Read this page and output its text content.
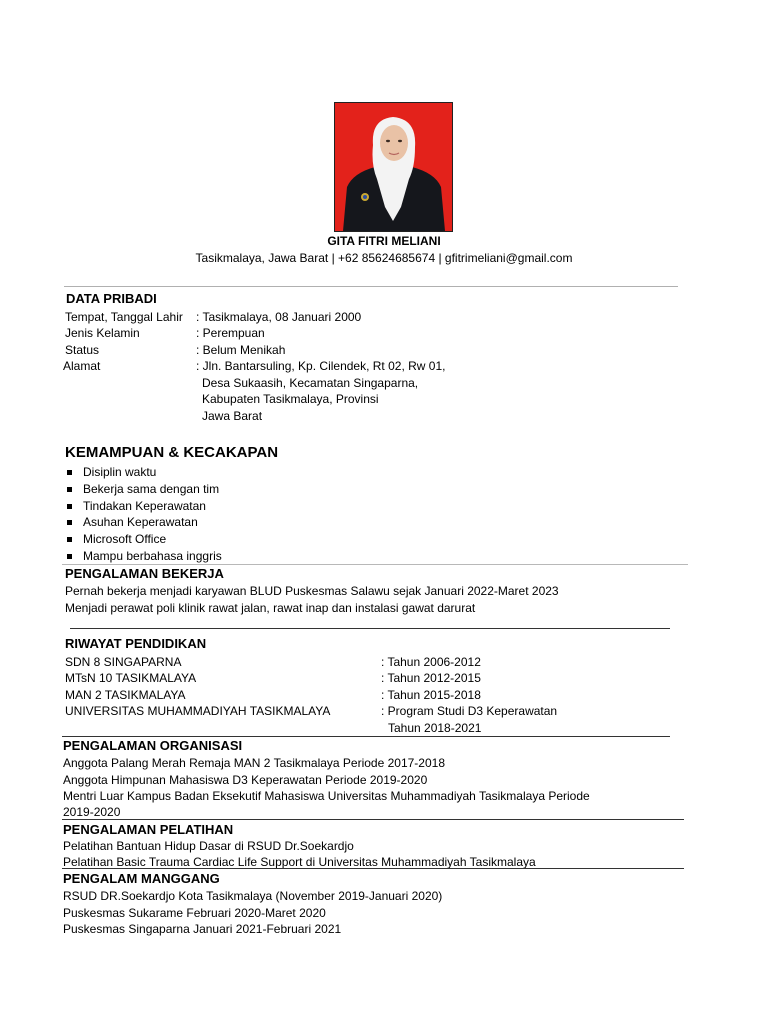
GITA FITRI MELIANI
Tasikmalaya, Jawa Barat | +62 85624685674 | gfitrimeliani@gmail.com
DATA PRIBADI
Tempat, Tanggal Lahir : Tasikmalaya, 08 Januari 2000
Jenis Kelamin	: Perempuan
Status	: Belum Menikah
Alamat	: Jln. Bantarsuling, Kp. Cilendek, Rt 02, Rw 01,
Desa Sukaasih, Kecamatan Singaparna,
Kabupaten Tasikmalaya, Provinsi
Jawa Barat
KEMAMPUAN & KECAKAPAN
Disiplin waktu
Bekerja sama dengan tim
Tindakan Keperawatan
Asuhan Keperawatan
Microsoft Office
Mampu berbahasa inggris
PENGALAMAN BEKERJA
Pernah bekerja menjadi karyawan BLUD Puskesmas Salawu sejak Januari 2022-Maret 2023
Menjadi perawat poli klinik rawat jalan, rawat inap dan instalasi gawat darurat
RIWAYAT PENDIDIKAN
SDN 8 SINGAPARNA	: Tahun 2006-2012
MTsN 10 TASIKMALAYA	: Tahun 2012-2015
MAN 2 TASIKMALAYA	: Tahun 2015-2018
UNIVERSITAS MUHAMMADIYAH TASIKMALAYA	: Program Studi D3 Keperawatan
Tahun 2018-2021
PENGALAMAN ORGANISASI
Anggota Palang Merah Remaja MAN 2 Tasikmalaya Periode 2017-2018
Anggota Himpunan Mahasiswa D3 Keperawatan Periode 2019-2020
Mentri Luar Kampus Badan Eksekutif Mahasiswa Universitas Muhammadiyah Tasikmalaya Periode
2019-2020
PENGALAMAN PELATIHAN
Pelatihan Bantuan Hidup Dasar di RSUD Dr.Soekardjo
Pelatihan Basic Trauma Cardiac Life Support di Universitas Muhammadiyah Tasikmalaya
PENGALAM MANGGANG
RSUD DR.Soekardjo Kota Tasikmalaya (November 2019-Januari 2020)
Puskesmas Sukarame Februari 2020-Maret 2020
Puskesmas Singaparna Januari 2021-Februari 2021
